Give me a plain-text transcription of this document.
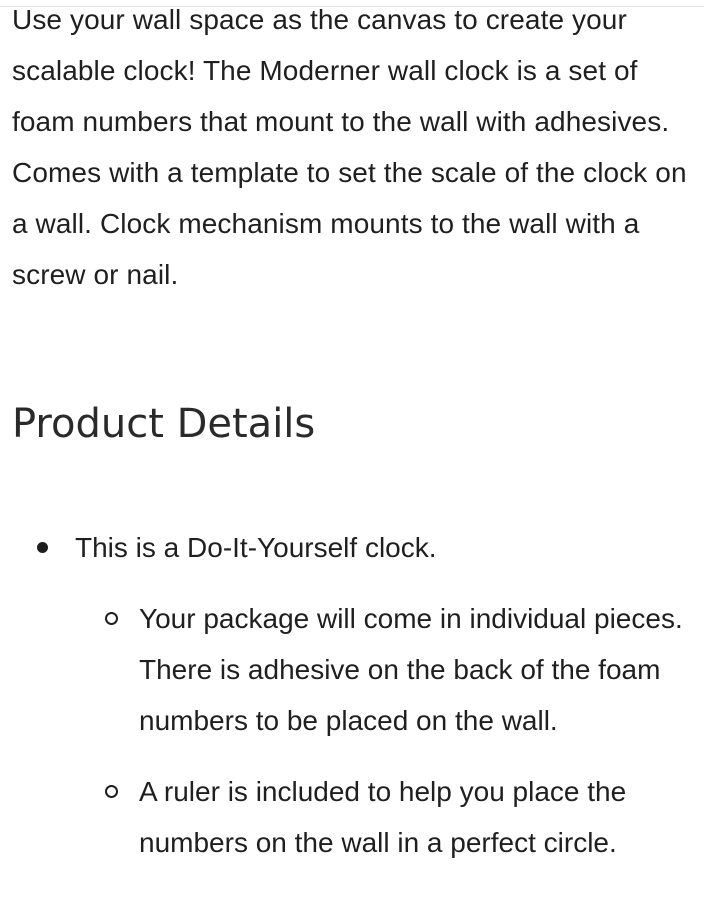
Use your wall space as the canvas to create your scalable clock! The Moderner wall clock is a set of foam numbers that mount to the wall with adhesives. Comes with a template to set the scale of the clock on a wall. Clock mechanism mounts to the wall with a screw or nail.

Product Details
This is a Do-It-Yourself clock.
Your package will come in individual pieces. There is adhesive on the back of the foam numbers to be placed on the wall.
A ruler is included to help you place the numbers on the wall in a perfect circle.
